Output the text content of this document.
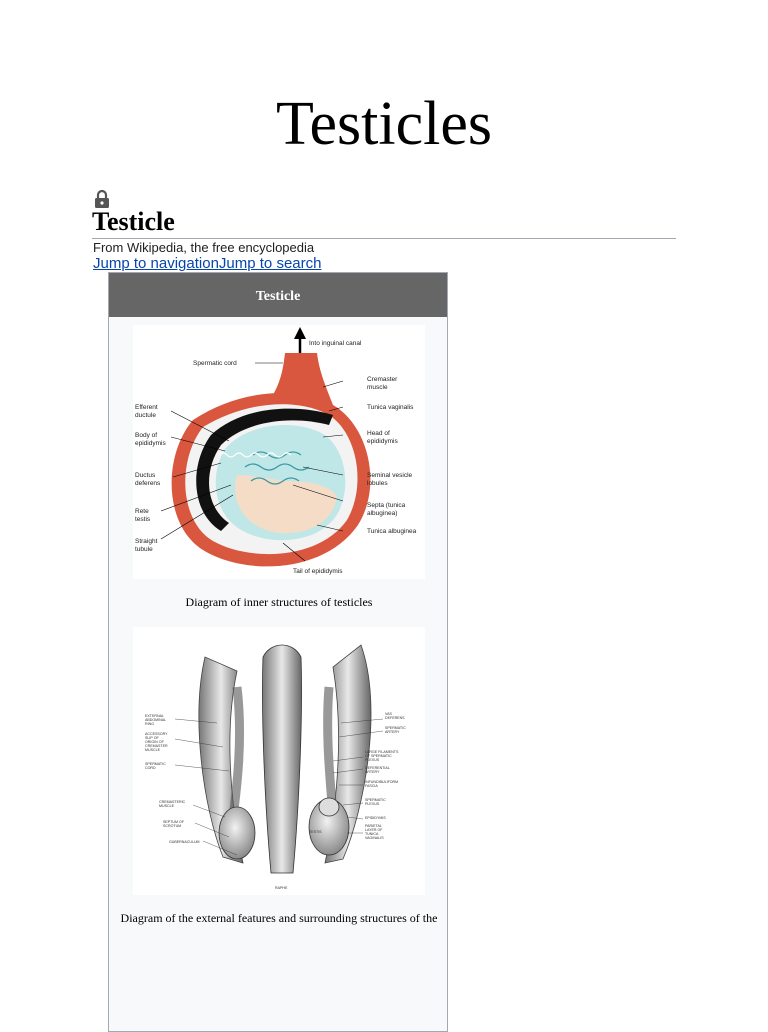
Testicles
Testicle
From Wikipedia, the free encyclopedia
Jump to navigationJump to search
Testicle
Into inguinal canal
Spermatic cord
Cremaster
muscle
Tunica vaginalis
Efferent
ductule
Body of
epididymis
Head of
epididymis
Ductus
deferens
Seminal vesicle
lobules
Rete
testis
Septa (tunica
albuginea)
Straight
tubule
Tunica albuginea
Tail of epididymis
Diagram of inner structures of testicles
EXTERNAL
ABDOMINAL
RING
ACCESSORY
SLIP OF
ORIGIN OF
CREMASTER
MUSCLE
SPERMATIC
CORD
CREMASTERIC
MUSCLE
SEPTUM OF
SCROTUM
GUBERNACULUM
VAS
DEFERENS
SPERMATIC
ARTERY
LARGE FILAMENTS
OF SPERMATIC
PLEXUS
DEFERENTIAL
ARTERY
INFUNDIBULIFORM
FASCIA
SPERMATIC
PLEXUS
EPIDIDYMIS
PARIETAL
LAYER OF
TUNICA
VAGINALIS
TESTIS
RAPHE
Diagram of the external features and surrounding structures of the
